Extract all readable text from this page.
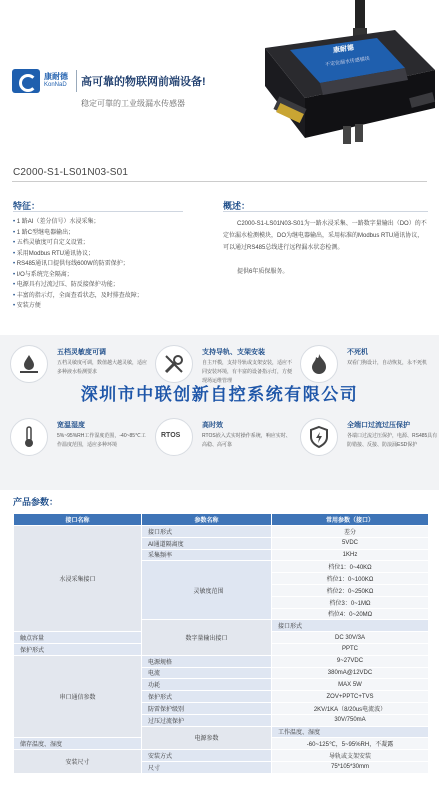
康耐德
KonNaD 高可靠的物联网前端设备!
稳定可靠的工业级漏水传感器
康耐德
不定位漏水传感模块
C2000-S1-LS01N03-S01
特征：
• 1 路AI（差分信号）水浸采集；
• 1 路C型继电器输出；
• 五档灵敏度可自定义设置；
• 采用Modbus RTU通讯协议；
• RS485通讯口提供每线600W的防雷保护；
• I/O与系统完全隔离；
• 电源具有过流过压、防反接保护功能；
• 丰富的指示灯，全面查看状态，及时排查故障；
• 安装方便
概述：

C2000-S1-LS01N03-S01为一路水浸采集、一路数字量输出（DO）的不定位漏水检测模块，DO为继电器输出，采用标准的Modbus RTU通讯协议，可以通过RS485总线进行远程漏水状态检测。

提供6年质保服务。

五档灵敏度可调

五档灵敏度可调，数值越大越灵敏，适应多种液水检测要求

支持导轨、支架安装

自主开模，支持导轨或支架安装，适应不同安装环境，有丰富的设备指示灯，方便现场运维管理

不死机

双看门狗设计，自动恢复，永不死机

宽温湿度

5%~95%RH工作湿度范围，-40~85℃工作温度范围，适应多种环境

RTOS
高时效

RTOS嵌入式实时操作系统，响应实时、高稳、高可靠

全端口过流过压保护

各端口过流过压保护，电源、RS485具有防错接、反接、防浪涌ESD保护

深圳市中联创新自控系统有限公司
产品参数：
接口名称	参数名称	常用参数（接口）	
水浸采集接口	接口形式	差分	
	AI通道隔离度	5VDC	
	采集频率	1KHz	
	灵敏度范围	档位1：0~40KΩ	
		档位1：0~100KΩ	
		档位2：0~250KΩ	
		档位3：0~1MΩ	
		档位4：0~20MΩ	
	数字量输出接口	接口形式	
触点容量		DC 30V/3A	
保护形式		PPTC	
串口通信参数	电源规格	9~27VDC	
	电流	380mA@12VDC	
	功耗	MAX 5W	
	保护形式	ZOV+PPTC+TVS	
	防雷保护级别	2KV/1KA（8/20us电流波）	
	过压过流保护	30V/750mA	
	电源参数	工作温度、湿度	
储存温度、湿度		-60~125℃，5~95%RH，不凝露	
安装尺寸	安装方式	导轨或支架安装	
	尺寸	75*105*30mm	
